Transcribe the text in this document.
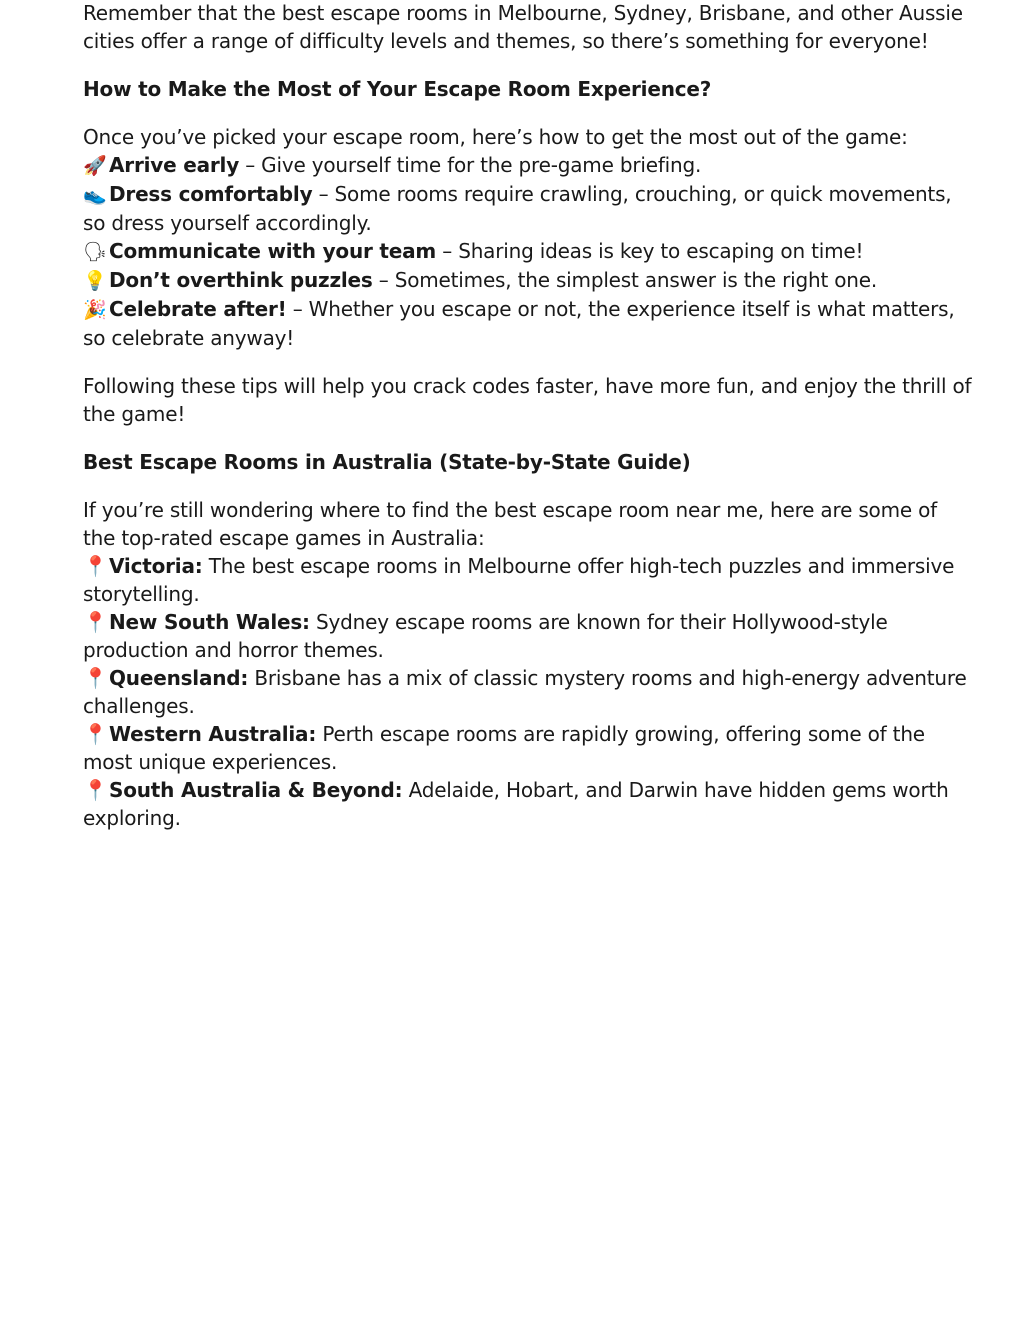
Remember that the best escape rooms in Melbourne, Sydney, Brisbane, and other Aussie cities offer a range of difficulty levels and themes, so there’s something for everyone!

How to Make the Most of Your Escape Room Experience?

Once you’ve picked your escape room, here’s how to get the most out of the game:

🚀 Arrive early – Give yourself time for the pre-game briefing.

👟 Dress comfortably – Some rooms require crawling, crouching, or quick movements, so dress yourself accordingly.

🗣 Communicate with your team – Sharing ideas is key to escaping on time!

💡 Don’t overthink puzzles – Sometimes, the simplest answer is the right one.

🎉 Celebrate after! – Whether you escape or not, the experience itself is what matters, so celebrate anyway!

Following these tips will help you crack codes faster, have more fun, and enjoy the thrill of the game!

Best Escape Rooms in Australia (State-by-State Guide)

If you’re still wondering where to find the best escape room near me, here are some of the top-rated escape games in Australia:

📍Victoria: The best escape rooms in Melbourne offer high-tech puzzles and immersive storytelling.

📍New South Wales: Sydney escape rooms are known for their Hollywood-style production and horror themes.

📍Queensland: Brisbane has a mix of classic mystery rooms and high-energy adventure challenges.

📍Western Australia: Perth escape rooms are rapidly growing, offering some of the most unique experiences.

📍South Australia & Beyond: Adelaide, Hobart, and Darwin have hidden gems worth exploring.
